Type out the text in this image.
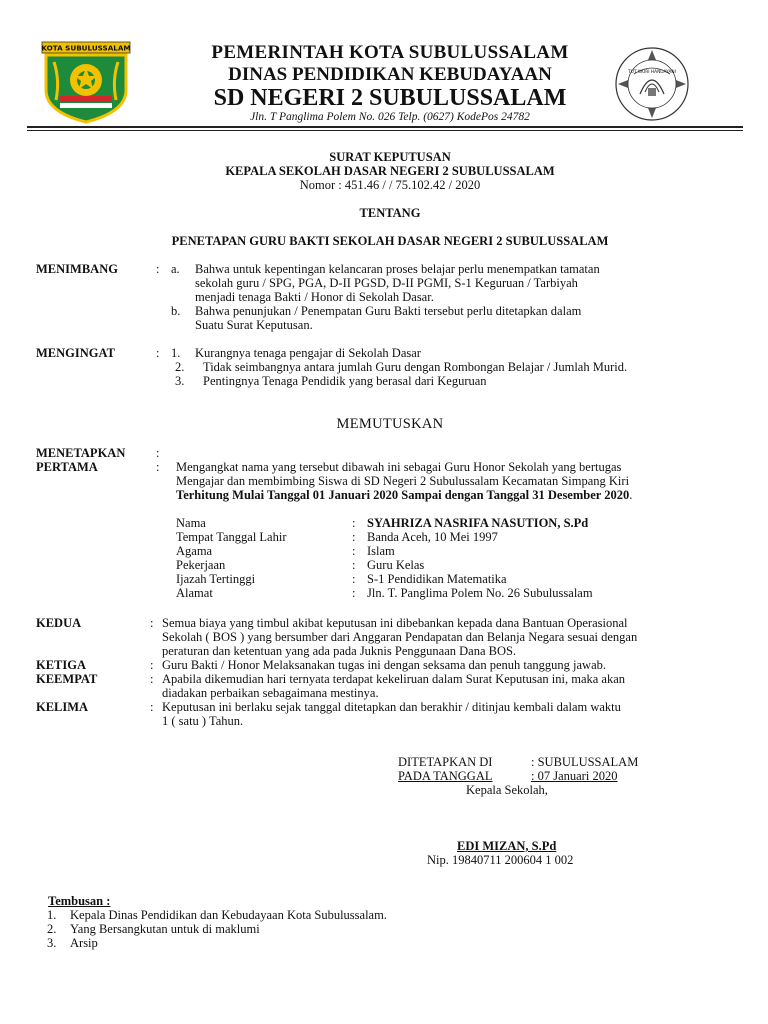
KOTA SUBULUSSALAM
TUT WURI HANDAYANI
PEMERINTAH KOTA SUBULUSSALAM
DINAS PENDIDIKAN KEBUDAYAAN
SD NEGERI 2 SUBULUSSALAM
Jln. T Panglima Polem No. 026 Telp. (0627) KodePos 24782
SURAT KEPUTUSAN
KEPALA SEKOLAH DASAR NEGERI 2 SUBULUSSALAM
Nomor : 451.46 / / 75.102.42 / 2020
TENTANG
PENETAPAN GURU BAKTI SEKOLAH DASAR NEGERI 2 SUBULUSSALAM
MENIMBANG	: a. Bahwa untuk kepentingan kelancaran proses belajar perlu menempatkan tamatan
sekolah guru / SPG, PGA, D-II PGSD, D-II PGMI, S-1 Keguruan / Tarbiyah
menjadi tenaga Bakti / Honor di Sekolah Dasar.
b. Bahwa penunjukan / Penempatan Guru Bakti tersebut perlu ditetapkan dalam
Suatu Surat Keputusan.
MENGINGAT	: 1. Kurangnya tenaga pengajar di Sekolah Dasar
2. Tidak seimbangnya antara jumlah Guru dengan Rombongan Belajar / Jumlah Murid.
3. Pentingnya Tenaga Pendidik yang berasal dari Keguruan
MEMUTUSKAN
MENETAPKAN :
PERTAMA	: Mengangkat nama yang tersebut dibawah ini sebagai Guru Honor Sekolah yang bertugas
Mengajar dan membimbing Siswa di SD Negeri 2 Subulussalam Kecamatan Simpang Kiri
Terhitung Mulai Tanggal 01 Januari 2020 Sampai dengan Tanggal 31 Desember 2020.
Nama	: SYAHRIZA NASRIFA NASUTION, S.Pd
Tempat Tanggal Lahir	: Banda Aceh, 10 Mei 1997
Agama	: Islam
Pekerjaan	: Guru Kelas
Ijazah Tertinggi	: S-1 Pendidikan Matematika
Alamat	: Jln. T. Panglima Polem No. 26 Subulussalam
KEDUA	: Semua biaya yang timbul akibat keputusan ini dibebankan kepada dana Bantuan Operasional
Sekolah ( BOS ) yang bersumber dari Anggaran Pendapatan dan Belanja Negara sesuai dengan
peraturan dan ketentuan yang ada pada Juknis Penggunaan Dana BOS.
KETIGA	: Guru Bakti / Honor Melaksanakan tugas ini dengan seksama dan penuh tanggung jawab.
KEEMPAT	: Apabila dikemudian hari ternyata terdapat kekeliruan dalam Surat Keputusan ini, maka akan
diadakan perbaikan sebagaimana mestinya.
KELIMA	: Keputusan ini berlaku sejak tanggal ditetapkan dan berakhir / ditinjau kembali dalam waktu
1 ( satu ) Tahun.
DITETAPKAN DI	: SUBULUSSALAM
PADA TANGGAL	: 07 Januari 2020
Kepala Sekolah,
EDI MIZAN, S.Pd
Nip. 19840711 200604 1 002
Tembusan :
1. Kepala Dinas Pendidikan dan Kebudayaan Kota Subulussalam.
2. Yang Bersangkutan untuk di maklumi
3. Arsip
